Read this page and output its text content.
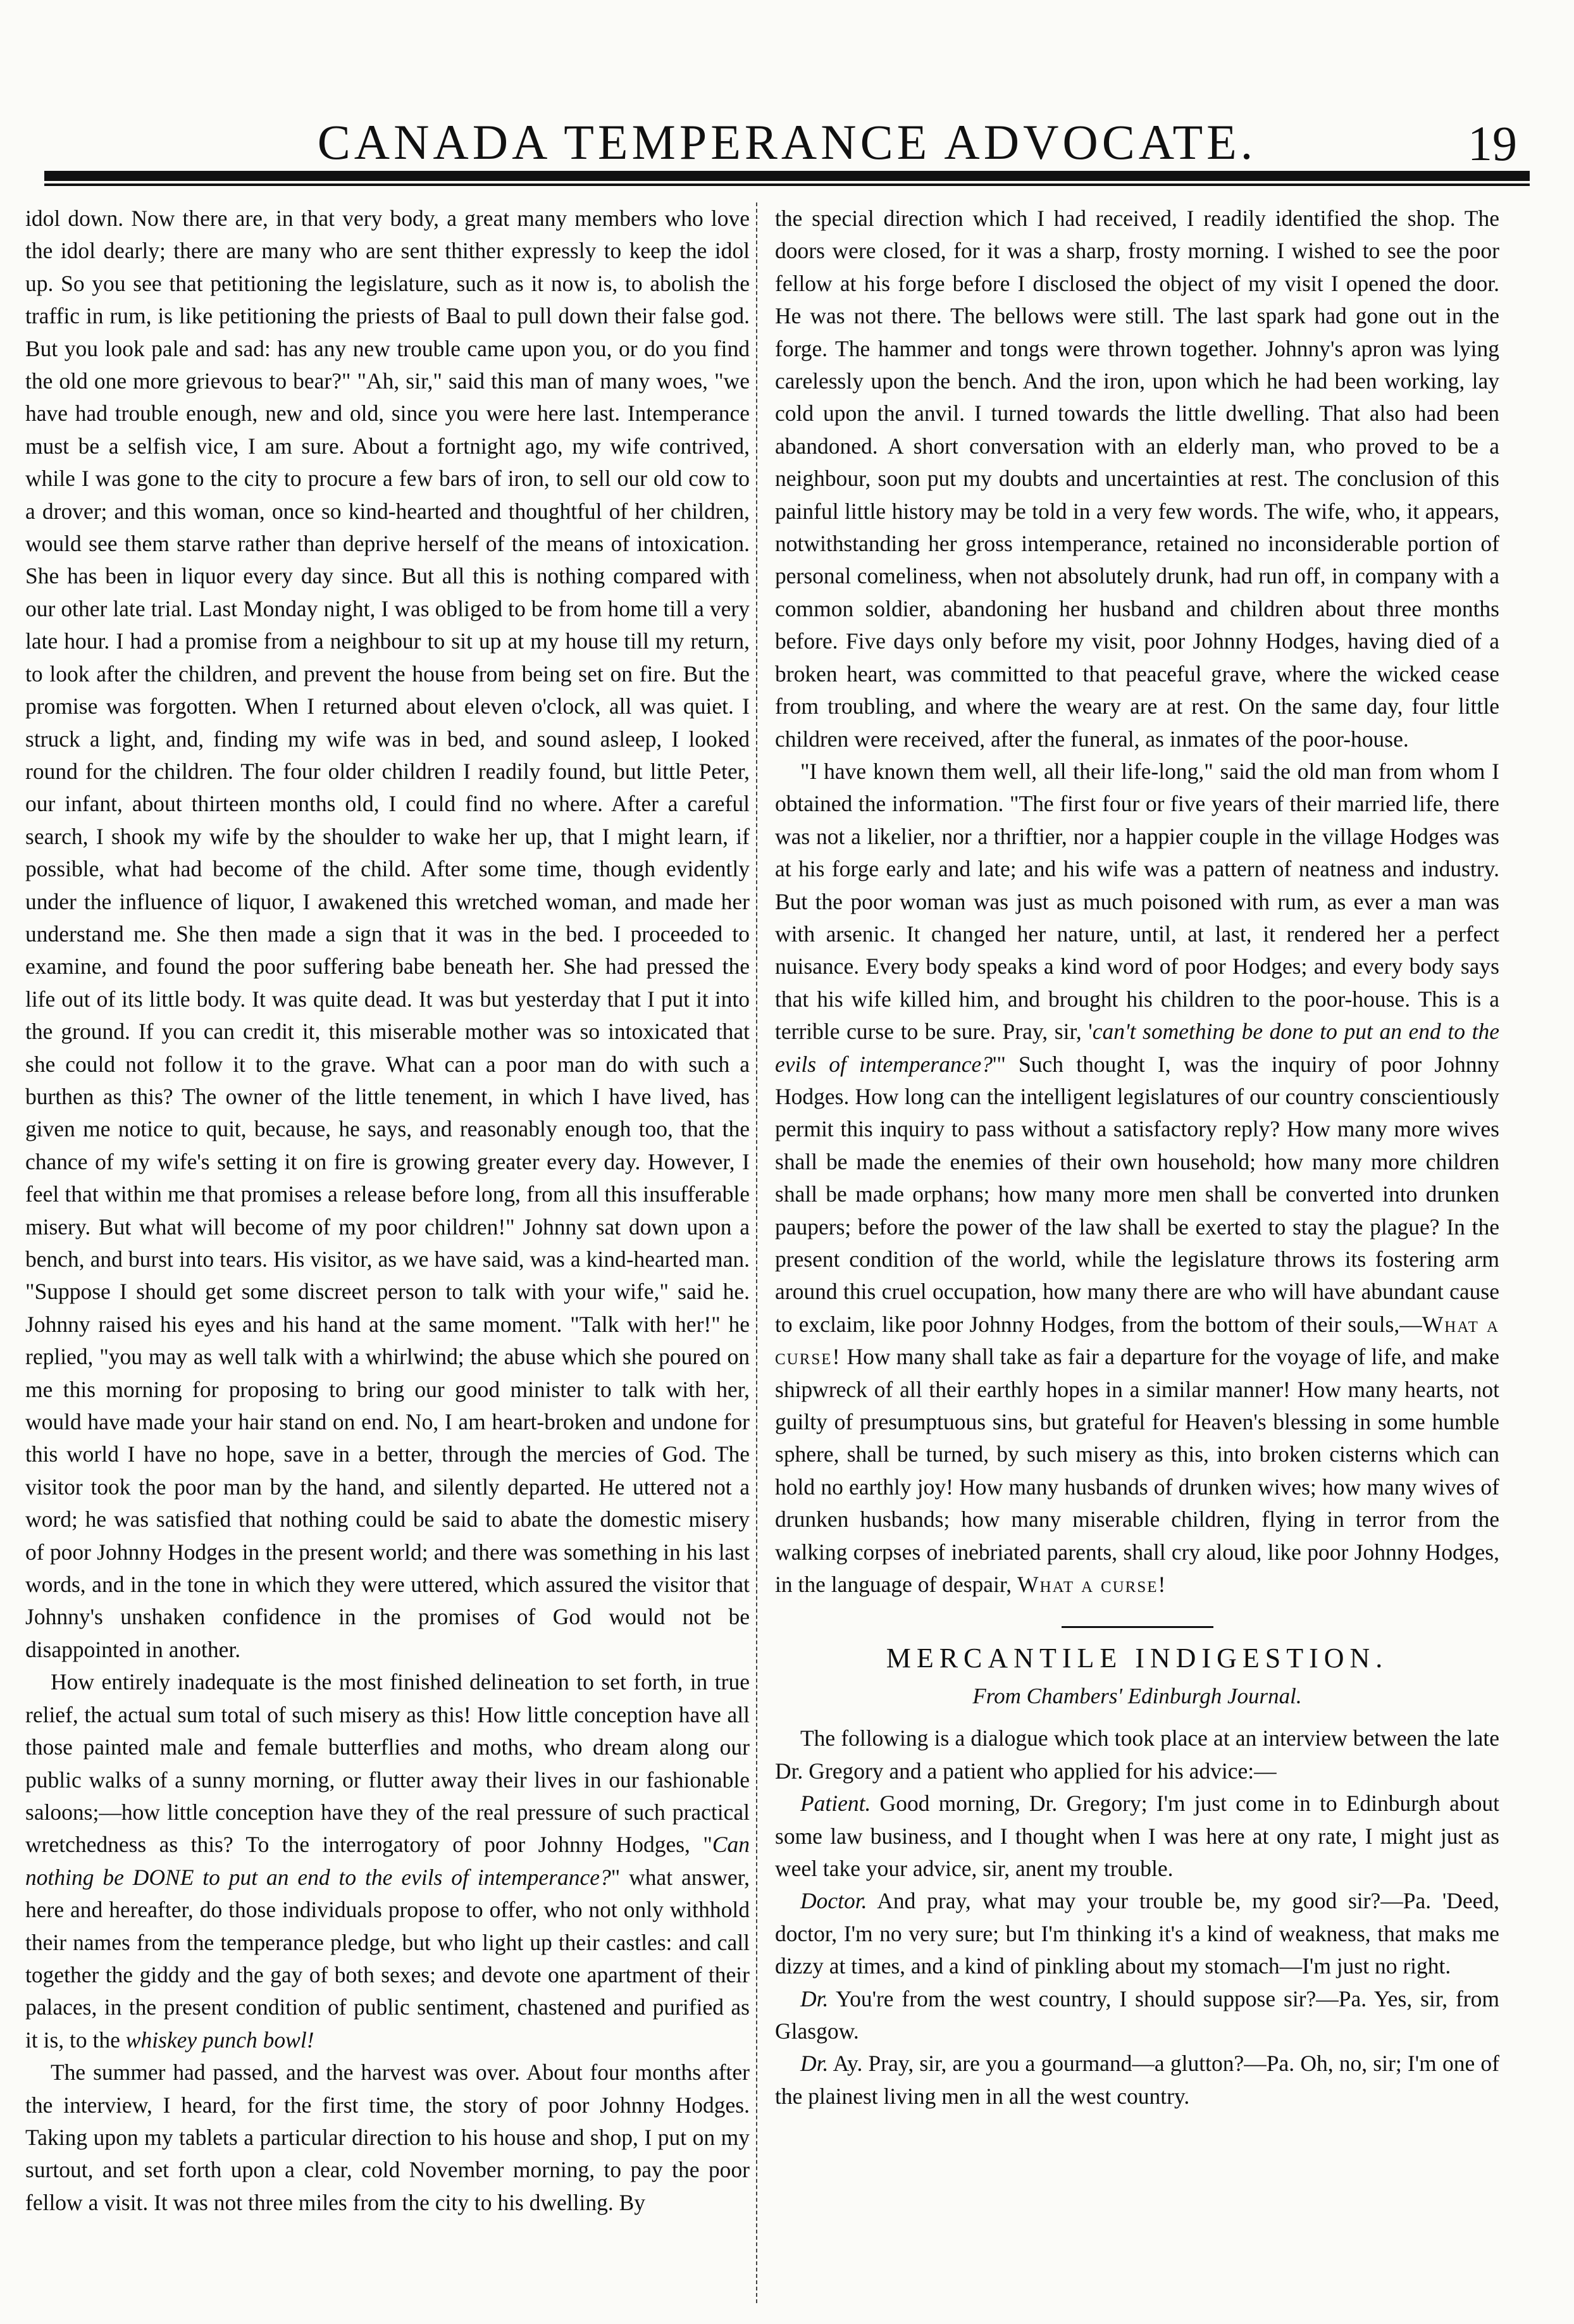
CANADA TEMPERANCE ADVOCATE.	19

idol down. Now there are, in that very body, a great many members who love the idol dearly; there are many who are sent thither expressly to keep the idol up. So you see that petitioning the legislature, such as it now is, to abolish the traffic in rum, is like petitioning the priests of Baal to pull down their false god. But you look pale and sad: has any new trouble came upon you, or do you find the old one more grievous to bear?" "Ah, sir," said this man of many woes, "we have had trouble enough, new and old, since you were here last. Intemperance must be a selfish vice, I am sure. About a fortnight ago, my wife contrived, while I was gone to the city to procure a few bars of iron, to sell our old cow to a drover; and this woman, once so kind-hearted and thoughtful of her children, would see them starve rather than deprive herself of the means of intoxication. She has been in liquor every day since. But all this is nothing compared with our other late trial. Last Monday night, I was obliged to be from home till a very late hour. I had a promise from a neighbour to sit up at my house till my return, to look after the children, and prevent the house from being set on fire. But the promise was forgotten. When I returned about eleven o'clock, all was quiet. I struck a light, and, finding my wife was in bed, and sound asleep, I looked round for the children. The four older children I readily found, but little Peter, our infant, about thirteen months old, I could find no where. After a careful search, I shook my wife by the shoulder to wake her up, that I might learn, if possible, what had become of the child. After some time, though evidently under the influence of liquor, I awakened this wretched woman, and made her understand me. She then made a sign that it was in the bed. I proceeded to examine, and found the poor suffering babe beneath her. She had pressed the life out of its little body. It was quite dead. It was but yesterday that I put it into the ground. If you can credit it, this miserable mother was so intoxicated that she could not follow it to the grave. What can a poor man do with such a burthen as this? The owner of the little tenement, in which I have lived, has given me notice to quit, because, he says, and reasonably enough too, that the chance of my wife's setting it on fire is growing greater every day. However, I feel that within me that promises a release before long, from all this insufferable misery. But what will become of my poor children!" Johnny sat down upon a bench, and burst into tears. His visitor, as we have said, was a kind-hearted man. "Suppose I should get some discreet person to talk with your wife," said he. Johnny raised his eyes and his hand at the same moment. "Talk with her!" he replied, "you may as well talk with a whirlwind; the abuse which she poured on me this morning for proposing to bring our good minister to talk with her, would have made your hair stand on end. No, I am heart-broken and undone for this world I have no hope, save in a better, through the mercies of God. The visitor took the poor man by the hand, and silently departed. He uttered not a word; he was satisfied that nothing could be said to abate the domestic misery of poor Johnny Hodges in the present world; and there was something in his last words, and in the tone in which they were uttered, which assured the visitor that Johnny's unshaken confidence in the promises of God would not be disappointed in another.

How entirely inadequate is the most finished delineation to set forth, in true relief, the actual sum total of such misery as this! How little conception have all those painted male and female butterflies and moths, who dream along our public walks of a sunny morning, or flutter away their lives in our fashionable saloons;—how little conception have they of the real pressure of such practical wretchedness as this? To the interrogatory of poor Johnny Hodges, "Can nothing be DONE to put an end to the evils of intemperance?" what answer, here and hereafter, do those individuals propose to offer, who not only withhold their names from the temperance pledge, but who light up their castles: and call together the giddy and the gay of both sexes; and devote one apartment of their palaces, in the present condition of public sentiment, chastened and purified as it is, to the whiskey punch bowl!

The summer had passed, and the harvest was over. About four months after the interview, I heard, for the first time, the story of poor Johnny Hodges. Taking upon my tablets a particular direction to his house and shop, I put on my surtout, and set forth upon a clear, cold November morning, to pay the poor fellow a visit. It was not three miles from the city to his dwelling. By

the special direction which I had received, I readily identified the shop. The doors were closed, for it was a sharp, frosty morning. I wished to see the poor fellow at his forge before I disclosed the object of my visit I opened the door. He was not there. The bellows were still. The last spark had gone out in the forge. The hammer and tongs were thrown together. Johnny's apron was lying carelessly upon the bench. And the iron, upon which he had been working, lay cold upon the anvil. I turned towards the little dwelling. That also had been abandoned. A short conversation with an elderly man, who proved to be a neighbour, soon put my doubts and uncertainties at rest. The conclusion of this painful little history may be told in a very few words. The wife, who, it appears, notwithstanding her gross intemperance, retained no inconsiderable portion of personal comeliness, when not absolutely drunk, had run off, in company with a common soldier, abandoning her husband and children about three months before. Five days only before my visit, poor Johnny Hodges, having died of a broken heart, was committed to that peaceful grave, where the wicked cease from troubling, and where the weary are at rest. On the same day, four little children were received, after the funeral, as inmates of the poor-house.

"I have known them well, all their life-long," said the old man from whom I obtained the information. "The first four or five years of their married life, there was not a likelier, nor a thriftier, nor a happier couple in the village Hodges was at his forge early and late; and his wife was a pattern of neatness and industry. But the poor woman was just as much poisoned with rum, as ever a man was with arsenic. It changed her nature, until, at last, it rendered her a perfect nuisance. Every body speaks a kind word of poor Hodges; and every body says that his wife killed him, and brought his children to the poor-house. This is a terrible curse to be sure. Pray, sir, 'can't something be done to put an end to the evils of intemperance?'" Such thought I, was the inquiry of poor Johnny Hodges. How long can the intelligent legislatures of our country conscientiously permit this inquiry to pass without a satisfactory reply? How many more wives shall be made the enemies of their own household; how many more children shall be made orphans; how many more men shall be converted into drunken paupers; before the power of the law shall be exerted to stay the plague? In the present condition of the world, while the legislature throws its fostering arm around this cruel occupation, how many there are who will have abundant cause to exclaim, like poor Johnny Hodges, from the bottom of their souls,—What a curse! How many shall take as fair a departure for the voyage of life, and make shipwreck of all their earthly hopes in a similar manner! How many hearts, not guilty of presumptuous sins, but grateful for Heaven's blessing in some humble sphere, shall be turned, by such misery as this, into broken cisterns which can hold no earthly joy! How many husbands of drunken wives; how many wives of drunken husbands; how many miserable children, flying in terror from the walking corpses of inebriated parents, shall cry aloud, like poor Johnny Hodges, in the language of despair, What a curse!

MERCANTILE INDIGESTION.
From Chambers' Edinburgh Journal.

The following is a dialogue which took place at an interview between the late Dr. Gregory and a patient who applied for his advice:—

Patient. Good morning, Dr. Gregory; I'm just come in to Edinburgh about some law business, and I thought when I was here at ony rate, I might just as weel take your advice, sir, anent my trouble.

Doctor. And pray, what may your trouble be, my good sir?—Pa. 'Deed, doctor, I'm no very sure; but I'm thinking it's a kind of weakness, that maks me dizzy at times, and a kind of pinkling about my stomach—I'm just no right.

Dr. You're from the west country, I should suppose sir?—Pa. Yes, sir, from Glasgow.

Dr. Ay. Pray, sir, are you a gourmand—a glutton?—Pa. Oh, no, sir; I'm one of the plainest living men in all the west country.
